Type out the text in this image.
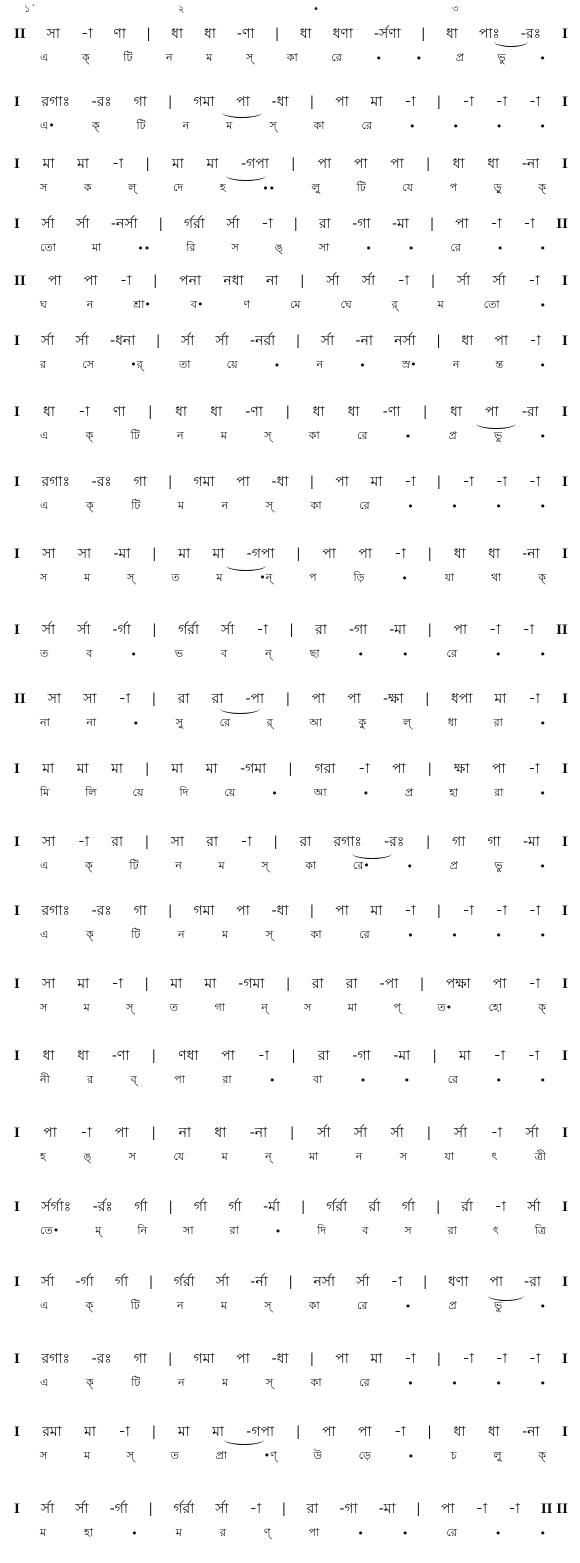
১´	২	•	৩
II সা -া ণা | ধা ধা -ণা | ধা ধণা -র্সণা | ধা পাঃ -রঃ I
এ	ক্	টি	ন	ম	স্	কা	রে	•	•	প্র	ভু	•
I রগাঃ -রঃ গা | গমা পা -ধা | পা মা -া | -া -া -া I
এ•	ক্	টি	ন	ম	স্	কা	রে	•	•	•	•
I মা মা -া | মা মা -গপা | পা পা পা | ধা ধা -না I
স	ক	ল্	দে	হ	••	লু	টি	যে	প	ড়ু	ক্
I র্সা র্সা -নর্সা | র্গর্রা র্সা -া | রা -গা -মা | পা -া -া II
তো	মা	••	রি	স	ঙ্	সা	•	•	রে	•	•
II পা পা -া | পনা নধা না | র্সা র্সা -া | র্সা র্সা -া I
ঘ	ন	শ্রা•	ব•	ণ	মে	ঘে	র্	ম	তো	•
I র্সা র্সা -ধনা | র্সা র্সা -নর্রা | র্সা -না নর্সা | ধা পা -া I
র	সে	•র্	তা	য়ে	•	ন	•	স্র•	ন	ন্ত	•
I ধা -া ণা | ধা ধা -ণা | ধা ধা -ণা | ধা পা -রা I
এ	ক্	টি	ন	ম	স্	কা	রে	•	প্র	ভু	•
I রগাঃ -রঃ গা | গমা পা -ধা | পা মা -া | -া -া -া I
এ	ক্	টি	ম	ন	স্	কা	রে	•	•	•	•
I সা সা -মা | মা মা -গপা | পা পা -া | ধা ধা -না I
স	ম	স্	ত	ম	•ন্	প	ড়ি	•	যা	থা	ক্
I র্সা র্সা -র্গা | র্গর্রা র্সা -া | রা -গা -মা | পা -া -া II
ত	ব	•	ভ	ব	ন্	ছা	•	•	রে	•	•
II সা সা -া | রা রা -পা | পা পা -ক্ষা | ধপা মা -া I
না	না	•	সু	রে	র্	আ	কু	ল্	ধা	রা	•
I মা মা মা | মা মা -গমা | গরা -া পা | ক্ষা পা -া I
মি	লি	য়ে	দি	য়ে	•	আ	•	প্র	হা	রা	•
I সা -া রা | সা রা -া | রা রগাঃ -রঃ | গা গা -মা I
এ	ক্	টি	ন	ম	স্	কা	রে•	•	প্র	ভু	•
I রগাঃ -রঃ গা | গমা পা -ধা | পা মা -া | -া -া -া I
এ	ক্	টি	ন	ম	স্	কা	রে	•	•	•	•
I সা মা -া | মা মা -গমা | রা রা -পা | পক্ষা পা -া I
স	ম	স্	ত	গা	ন্	স	মা	প্	ত•	হো	ক্
I ধা ধা -ণা | ণধা পা -া | রা -গা -মা | মা -া -া I
নী	র	ব্	পা	রা	•	বা	•	•	রে	•	•
I পা -া পা | না ধা -না | র্সা র্সা র্সা | র্সা -া র্সা I
হ	ঙ্	স	যে	ম	ন্	মা	ন	স	যা	ৎ	ত্রী
I র্সর্গাঃ -র্রঃ র্গা | র্গা র্গা -র্মা | র্গর্রা র্রা র্গা | র্রা -া র্সা I
তে•	ম্	নি	সা	রা	•	দি	ব	স	রা	ৎ	ত্রি
I র্সা -র্গা র্গা | র্গর্রা র্সা -র্না | নর্সা র্সা -া | ধণা পা -রা I
এ	ক্	টি	ন	ম	স্	কা	রে	•	প্র	ভু	•
I রগাঃ -রঃ গা | গমা পা -ধা | পা মা -া | -া -া -া I
এ	ক্	টি	ন	ম	স্	কা	রে	•	•	•	•
I রমা মা -া | মা মা -গপা | পা পা -া | ধা ধা -না I
স	ম	স্	ত	প্রা	•ণ্	উ	ড়ে	•	চ	লু	ক্
I র্সা র্সা -র্গা | র্গর্রা র্সা -া | রা -গা -মা | পা -া -া II II
ম	হা	•	ম	র	ণ্	পা	•	•	রে	•	•
